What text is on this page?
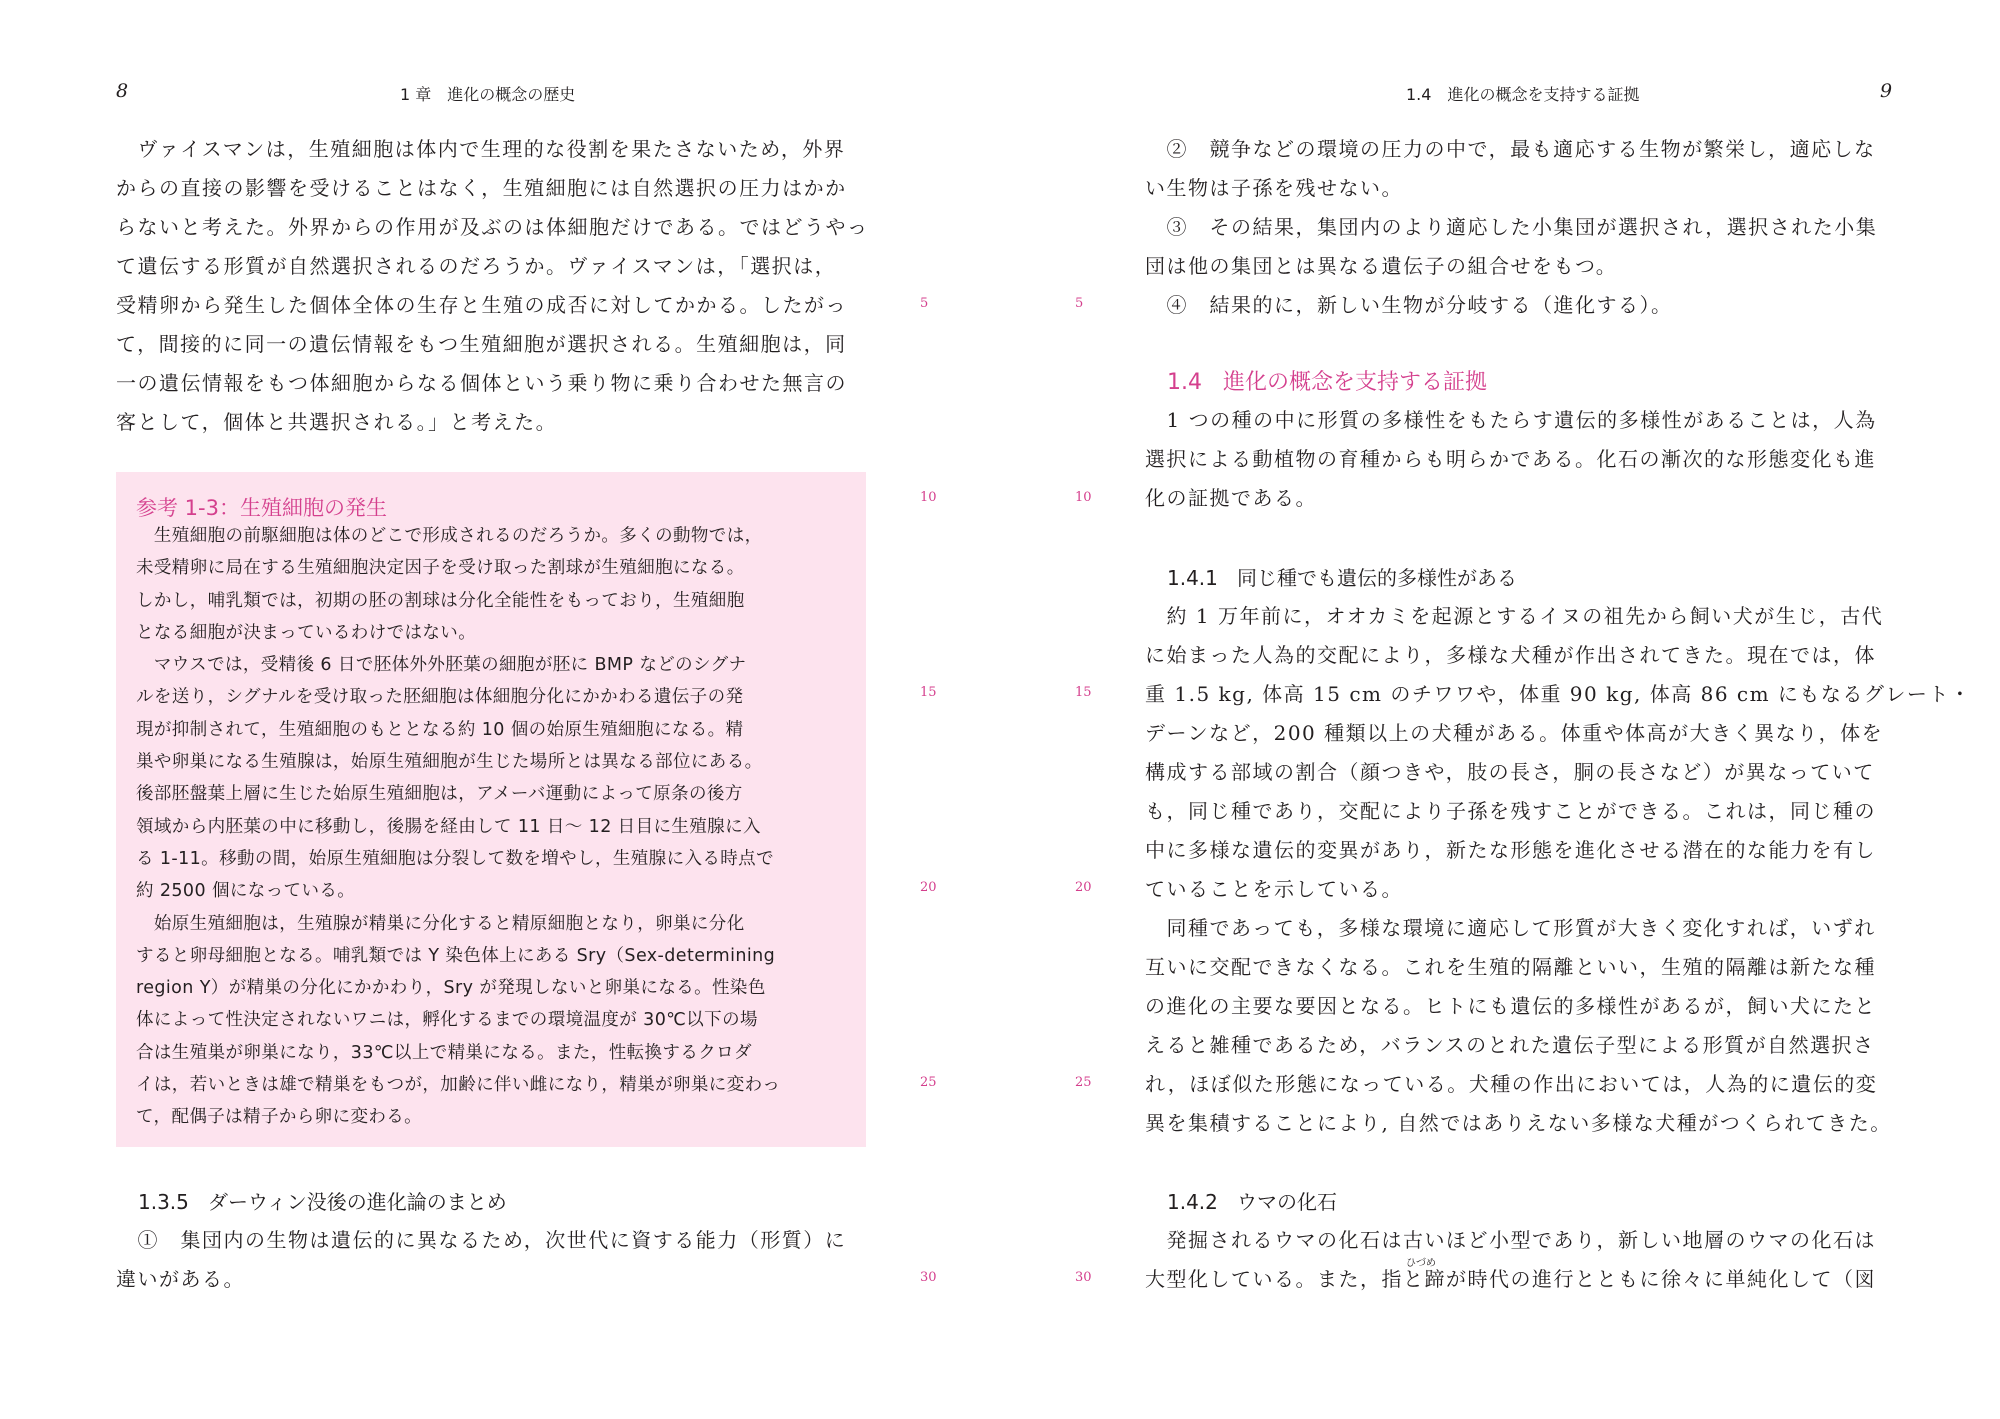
8	1 章　進化の概念の歴史

　ヴァイスマンは，生殖細胞は体内で生理的な役割を果たさないため，外界

からの直接の影響を受けることはなく，生殖細胞には自然選択の圧力はかか

らないと考えた。外界からの作用が及ぶのは体細胞だけである。ではどうやっ

て遺伝する形質が自然選択されるのだろうか。ヴァイスマンは，「選択は，

受精卵から発生した個体全体の生存と生殖の成否に対してかかる。したがっ

て，間接的に同一の遺伝情報をもつ生殖細胞が選択される。生殖細胞は，同

一の遺伝情報をもつ体細胞からなる個体という乗り物に乗り合わせた無言の

客として，個体と共選択される。」と考えた。

参考 1-3：生殖細胞の発生

　生殖細胞の前駆細胞は体のどこで形成されるのだろうか。多くの動物では，

未受精卵に局在する生殖細胞決定因子を受け取った割球が生殖細胞になる。

しかし，哺乳類では，初期の胚の割球は分化全能性をもっており，生殖細胞

となる細胞が決まっているわけではない。

　マウスでは，受精後 6 日で胚体外外胚葉の細胞が胚に BMP などのシグナ

ルを送り，シグナルを受け取った胚細胞は体細胞分化にかかわる遺伝子の発

現が抑制されて，生殖細胞のもととなる約 10 個の始原生殖細胞になる。精

巣や卵巣になる生殖腺は，始原生殖細胞が生じた場所とは異なる部位にある。

後部胚盤葉上層に生じた始原生殖細胞は，アメーバ運動によって原条の後方

領域から内胚葉の中に移動し，後腸を経由して 11 日～ 12 日目に生殖腺に入

る 1-11。移動の間，始原生殖細胞は分裂して数を増やし，生殖腺に入る時点で

約 2500 個になっている。

　始原生殖細胞は，生殖腺が精巣に分化すると精原細胞となり，卵巣に分化

すると卵母細胞となる。哺乳類では Y 染色体上にある Sry（Sex-determining

region Y）が精巣の分化にかかわり，Sry が発現しないと卵巣になる。性染色

体によって性決定されないワニは，孵化するまでの環境温度が 30℃以下の場

合は生殖巣が卵巣になり，33℃以上で精巣になる。また，性転換するクロダ

イは，若いときは雄で精巣をもつが，加齢に伴い雌になり，精巣が卵巣に変わっ

て，配偶子は精子から卵に変わる。

1.3.5 ダーウィン没後の進化論のまとめ

　①　集団内の生物は遺伝的に異なるため，次世代に資する能力（形質）に

違いがある。

5
10
15
20
25
30
1.4　進化の概念を支持する証拠	9
5
10
15
20
25
30

　②　競争などの環境の圧力の中で，最も適応する生物が繁栄し，適応しな

い生物は子孫を残せない。

　③　その結果，集団内のより適応した小集団が選択され，選択された小集

団は他の集団とは異なる遺伝子の組合せをもつ。

　④　結果的に，新しい生物が分岐する（進化する）。

1.4 進化の概念を支持する証拠

　1 つの種の中に形質の多様性をもたらす遺伝的多様性があることは，人為

選択による動植物の育種からも明らかである。化石の漸次的な形態変化も進

化の証拠である。

1.4.1 同じ種でも遺伝的多様性がある

　約 1 万年前に，オオカミを起源とするイヌの祖先から飼い犬が生じ，古代

に始まった人為的交配により，多様な犬種が作出されてきた。現在では，体

重 1.5 kg, 体高 15 cm のチワワや，体重 90 kg, 体高 86 cm にもなるグレート・

デーンなど，200 種類以上の犬種がある。体重や体高が大きく異なり，体を

構成する部域の割合（顔つきや，肢の長さ，胴の長さなど）が異なっていて

も，同じ種であり，交配により子孫を残すことができる。これは，同じ種の

中に多様な遺伝的変異があり，新たな形態を進化させる潜在的な能力を有し

ていることを示している。

　同種であっても，多様な環境に適応して形質が大きく変化すれば，いずれ

互いに交配できなくなる。これを生殖的隔離といい，生殖的隔離は新たな種

の進化の主要な要因となる。ヒトにも遺伝的多様性があるが，飼い犬にたと

えると雑種であるため，バランスのとれた遺伝子型による形質が自然選択さ

れ，ほぼ似た形態になっている。犬種の作出においては，人為的に遺伝的変

異を集積することにより, 自然ではありえない多様な犬種がつくられてきた。

1.4.2 ウマの化石
ひづめ

　発掘されるウマの化石は古いほど小型であり，新しい地層のウマの化石は

大型化している。また，指と蹄が時代の進行とともに徐々に単純化して（図
